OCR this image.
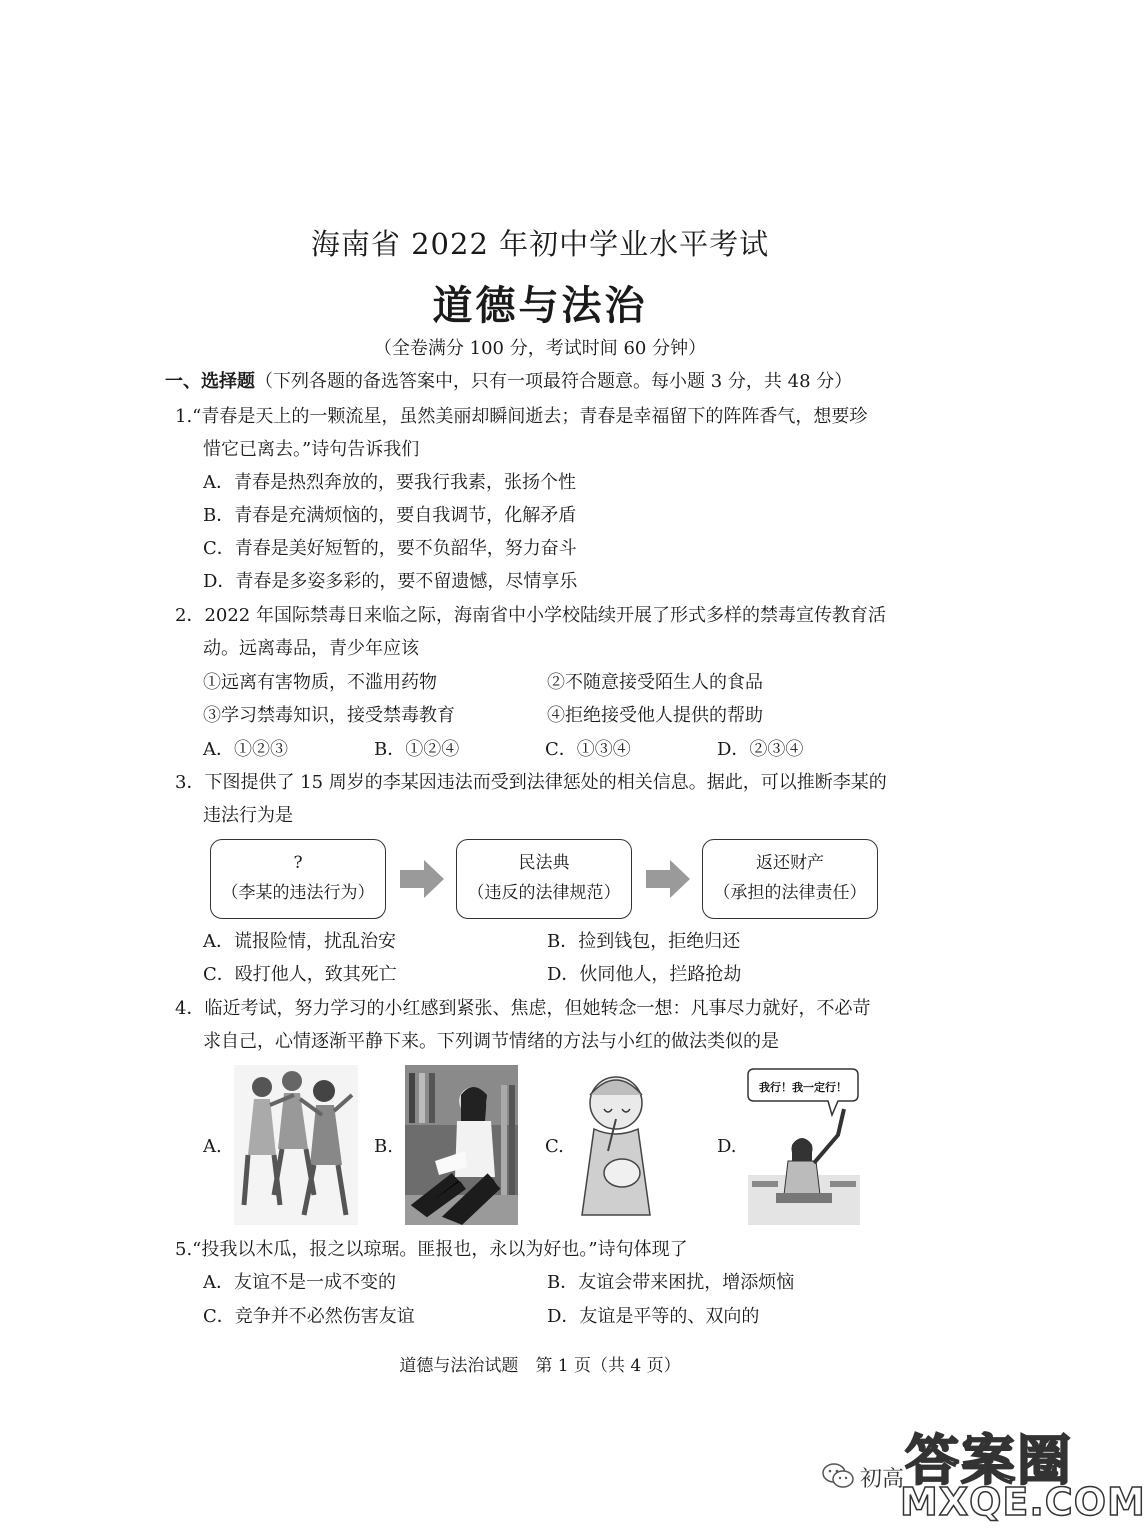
海南省 2022 年初中学业水平考试
道德与法治
（全卷满分 100 分，考试时间 60 分钟）
一、选择题（下列各题的备选答案中，只有一项最符合题意。每小题 3 分，共 48 分）
1.“青春是天上的一颗流星，虽然美丽却瞬间逝去；青春是幸福留下的阵阵香气，想要珍
惜它已离去。”诗句告诉我们
A．青春是热烈奔放的，要我行我素，张扬个性
B．青春是充满烦恼的，要自我调节，化解矛盾
C．青春是美好短暂的，要不负韶华，努力奋斗
D．青春是多姿多彩的，要不留遗憾，尽情享乐
2．2022 年国际禁毒日来临之际，海南省中小学校陆续开展了形式多样的禁毒宣传教育活
动。远离毒品，青少年应该
①远离有害物质，不滥用药物	②不随意接受陌生人的食品
③学习禁毒知识，接受禁毒教育	④拒绝接受他人提供的帮助
A．①②③	B．①②④	C．①③④	D．②③④
3．下图提供了 15 周岁的李某因违法而受到法律惩处的相关信息。据此，可以推断李某的
违法行为是
?
（李某的违法行为）
民法典
（违反的法律规范）
返还财产
（承担的法律责任）
A．谎报险情，扰乱治安	B．捡到钱包，拒绝归还
C．殴打他人，致其死亡	D．伙同他人，拦路抢劫
4．临近考试，努力学习的小红感到紧张、焦虑，但她转念一想：凡事尽力就好，不必苛
求自己，心情逐渐平静下来。下列调节情绪的方法与小红的做法类似的是
A.	B.	C.	D.
我行！我一定行！
5.“投我以木瓜，报之以琼琚。匪报也，永以为好也。”诗句体现了
A．友谊不是一成不变的	B．友谊会带来困扰，增添烦恼
C．竞争并不必然伤害友谊	D．友谊是平等的、双向的
道德与法治试题　第 1 页（共 4 页）
初高 答案圈
MXQE.COM
